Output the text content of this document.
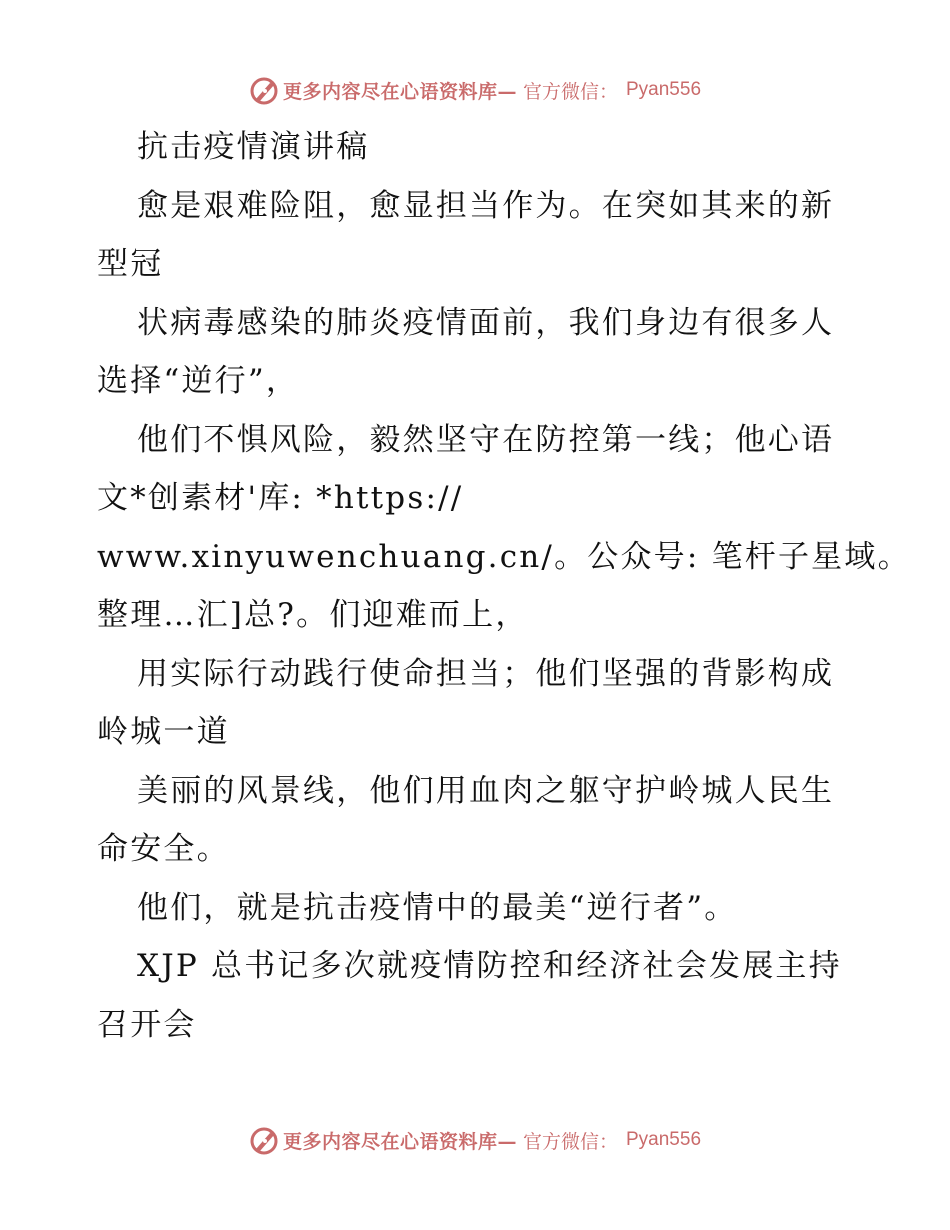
更多内容尽在心语资料库— 官方微信： Pyan556
抗击疫情演讲稿
愈是艰难险阻，愈显担当作为。在突如其来的新
型冠
状病毒感染的肺炎疫情面前，我们身边有很多人
选择“逆行”，
他们不惧风险，毅然坚守在防控第一线；他心语
文*创素材'库: *https://
www.xinyuwenchuang.cn/。公众号: 笔杆子星域。
整理…汇]总?。们迎难而上，
用实际行动践行使命担当；他们坚强的背影构成
岭城一道
美丽的风景线，他们用血肉之躯守护岭城人民生
命安全。
他们，就是抗击疫情中的最美“逆行者”。
XJP 总书记多次就疫情防控和经济社会发展主持
召开会
更多内容尽在心语资料库— 官方微信： Pyan556
